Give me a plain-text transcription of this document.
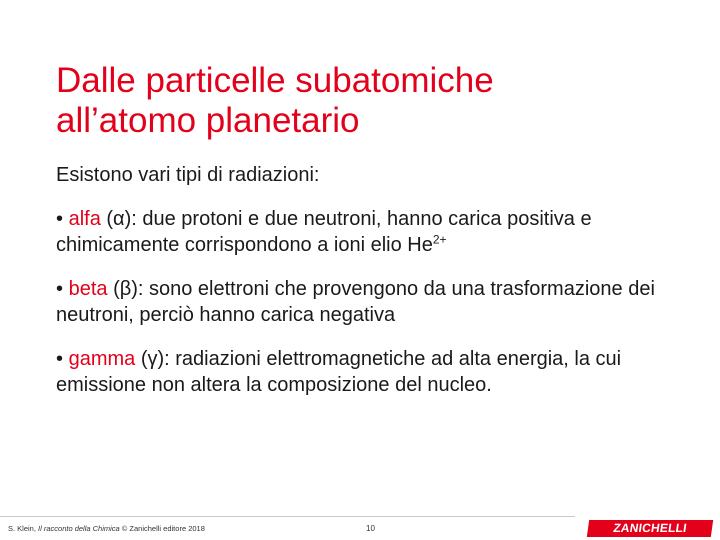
Dalle particelle subatomiche
all’atomo planetario

Esistono vari tipi di radiazioni:

• alfa (α): due protoni e due neutroni, hanno carica positiva e chimicamente corrispondono a ioni elio $He^{2+}$

• beta (β): sono elettroni che provengono da una trasformazione dei neutroni, perciò hanno carica negativa

• gamma (γ): radiazioni elettromagnetiche ad alta energia, la cui emissione non altera la composizione del nucleo.

S. Klein, Il racconto della Chimica © Zanichelli editore 2018	10	ZANICHELLI
